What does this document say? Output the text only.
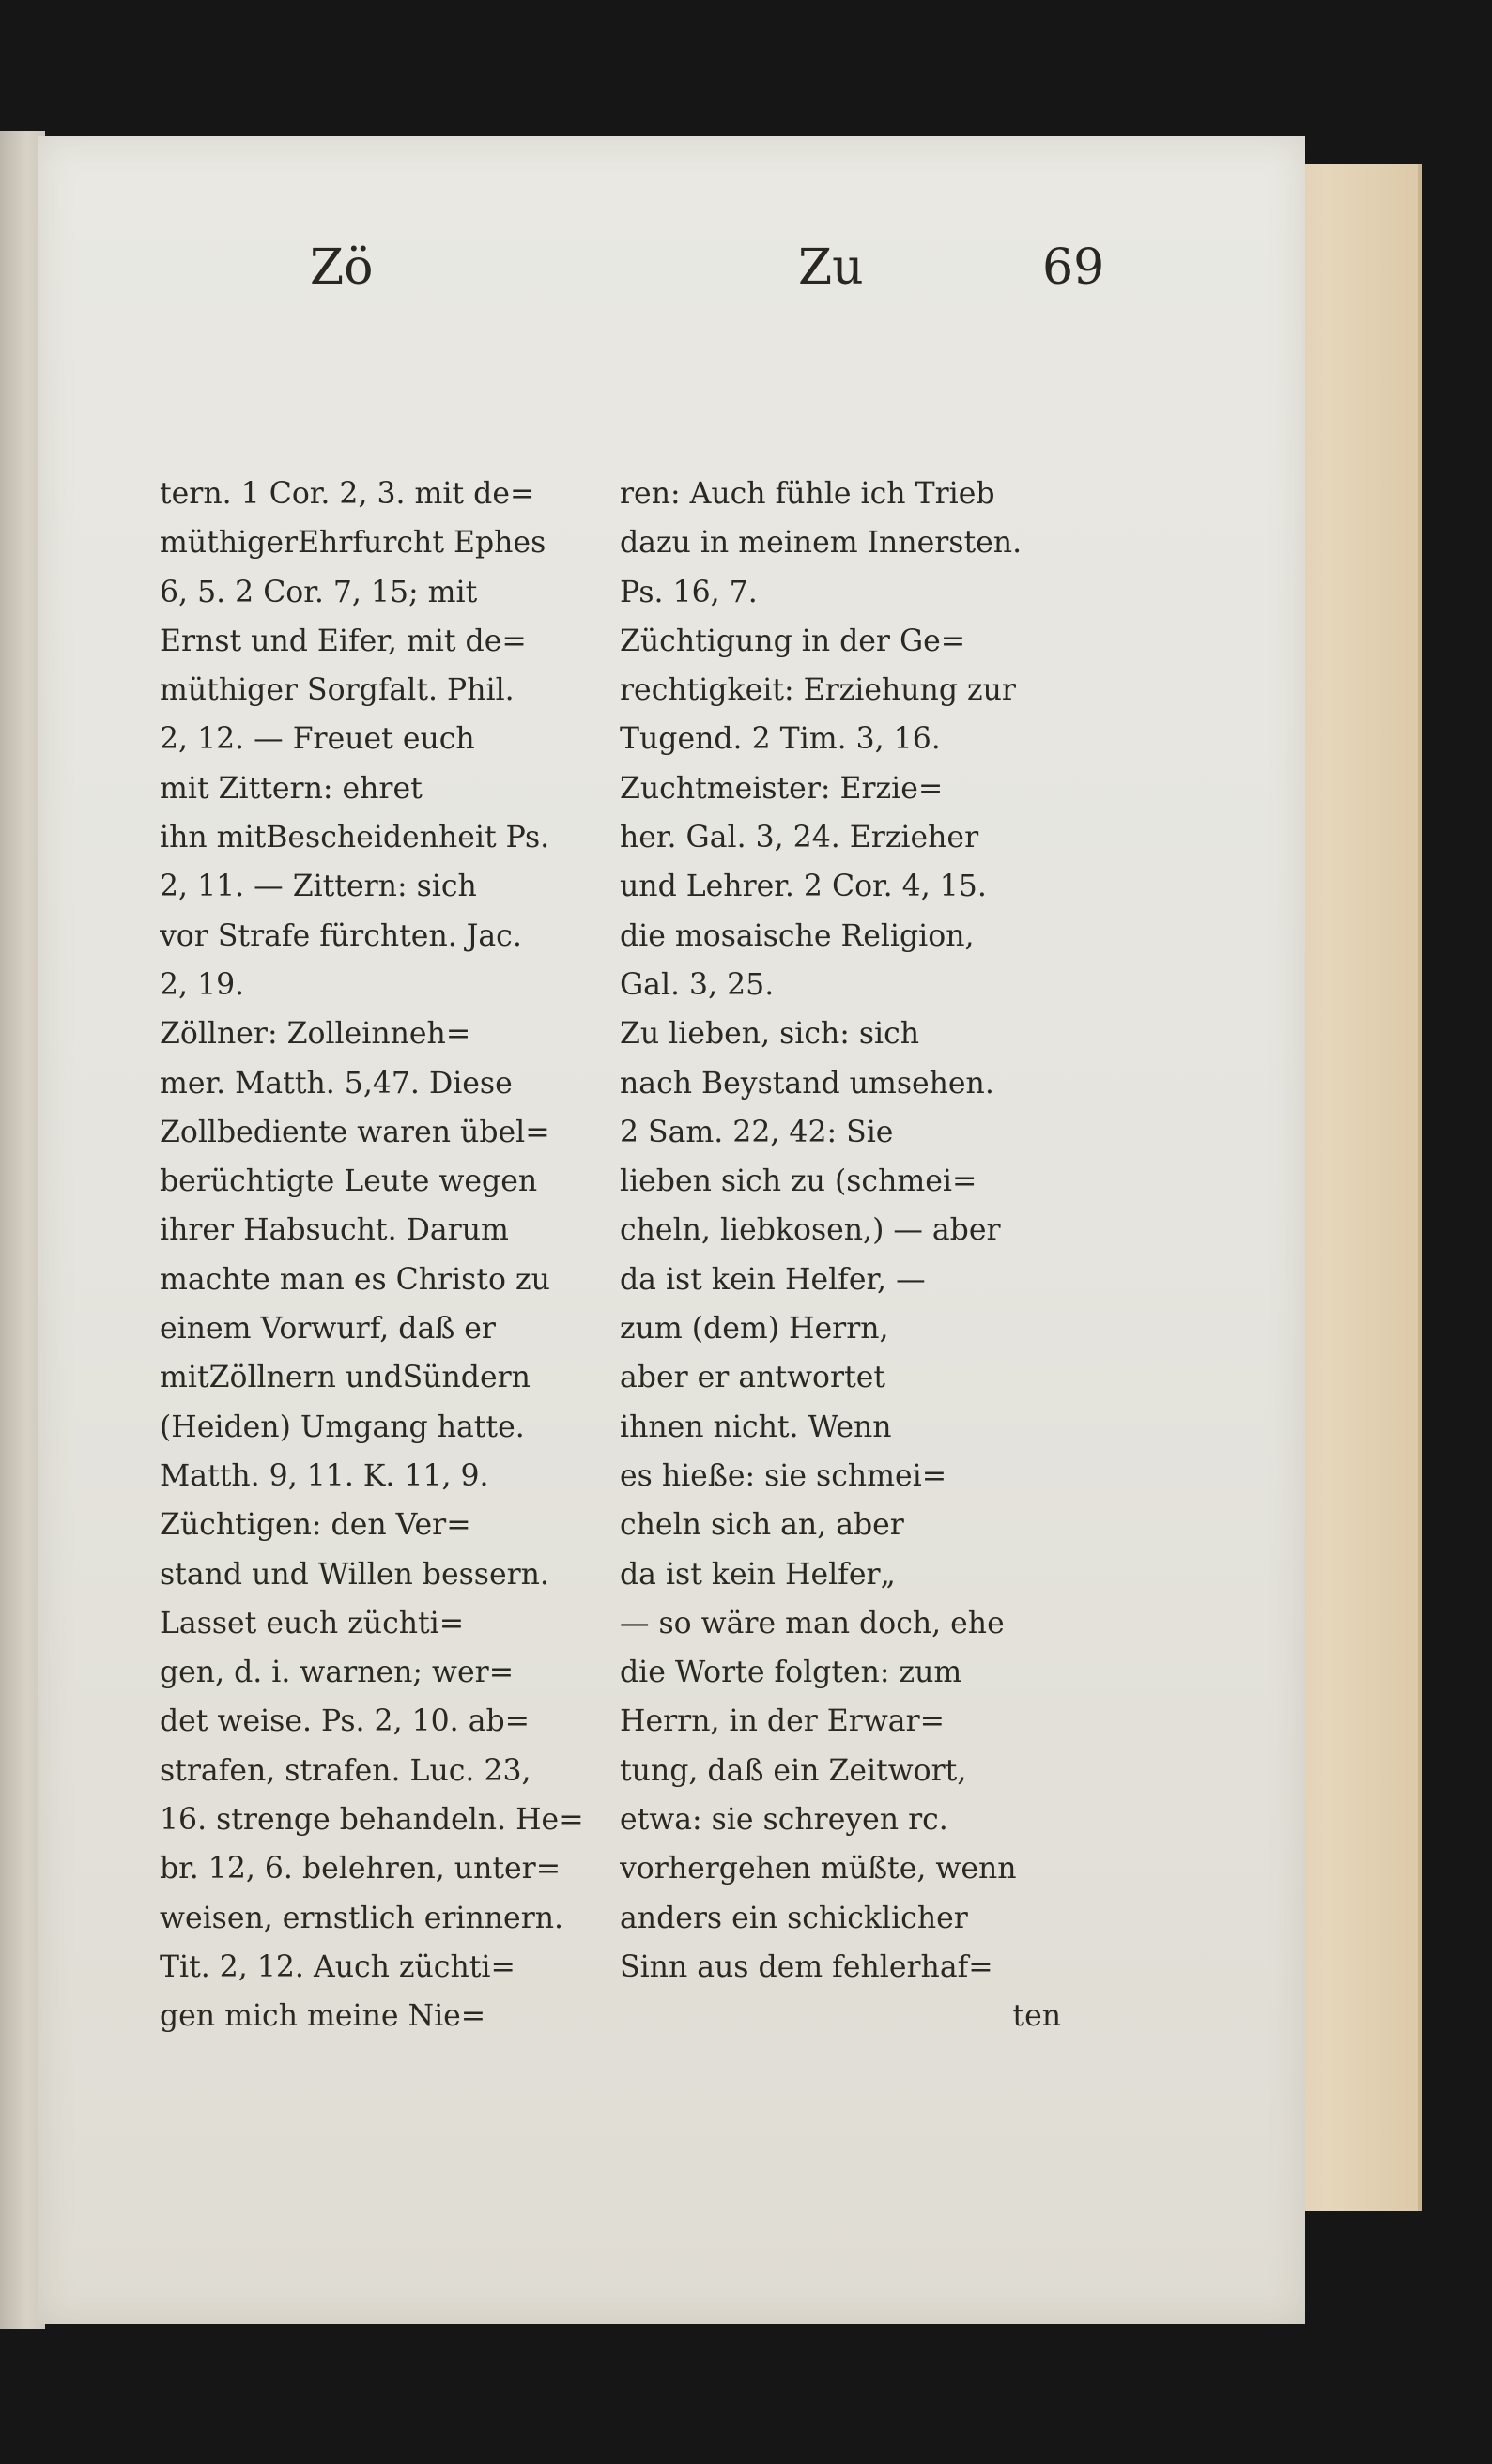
Zö	Zu	69
tern. 1 Cor. 2, 3. mit de=
müthigerEhrfurcht Ephes
6, 5. 2 Cor. 7, 15; mit
Ernst und Eifer, mit de=
müthiger Sorgfalt. Phil.
2, 12. — Freuet euch
mit Zittern: ehret
ihn mitBescheidenheit Ps.
2, 11. — Zittern: sich
vor Strafe fürchten. Jac.
2, 19.
Zöllner: Zolleinneh=
mer. Matth. 5,47. Diese
Zollbediente waren übel=
berüchtigte Leute wegen
ihrer Habsucht. Darum
machte man es Christo zu
einem Vorwurf, daß er
mitZöllnern undSündern
(Heiden) Umgang hatte.
Matth. 9, 11. K. 11, 9.
Züchtigen: den Ver=
stand und Willen bessern.
Lasset euch züchti=
gen, d. i. warnen; wer=
det weise. Ps. 2, 10. ab=
strafen, strafen. Luc. 23,
16. strenge behandeln. He=
br. 12, 6. belehren, unter=
weisen, ernstlich erinnern.
Tit. 2, 12. Auch züchti=
gen mich meine Nie=
ren: Auch fühle ich Trieb
dazu in meinem Innersten.
Ps. 16, 7.
Züchtigung in der Ge=
rechtigkeit: Erziehung zur
Tugend. 2 Tim. 3, 16.
Zuchtmeister: Erzie=
her. Gal. 3, 24. Erzieher
und Lehrer. 2 Cor. 4, 15.
die mosaische Religion,
Gal. 3, 25.
Zu lieben, sich: sich
nach Beystand umsehen.
2 Sam. 22, 42: Sie
lieben sich zu (schmei=
cheln, liebkosen,) — aber
da ist kein Helfer, —
zum (dem) Herrn,
aber er antwortet
ihnen nicht. Wenn
es hieße: sie schmei=
cheln sich an, aber
da ist kein Helfer„
— so wäre man doch, ehe
die Worte folgten: zum
Herrn, in der Erwar=
tung, daß ein Zeitwort,
etwa: sie schreyen rc.
vorhergehen müßte, wenn
anders ein schicklicher
Sinn aus dem fehlerhaf=
ten
